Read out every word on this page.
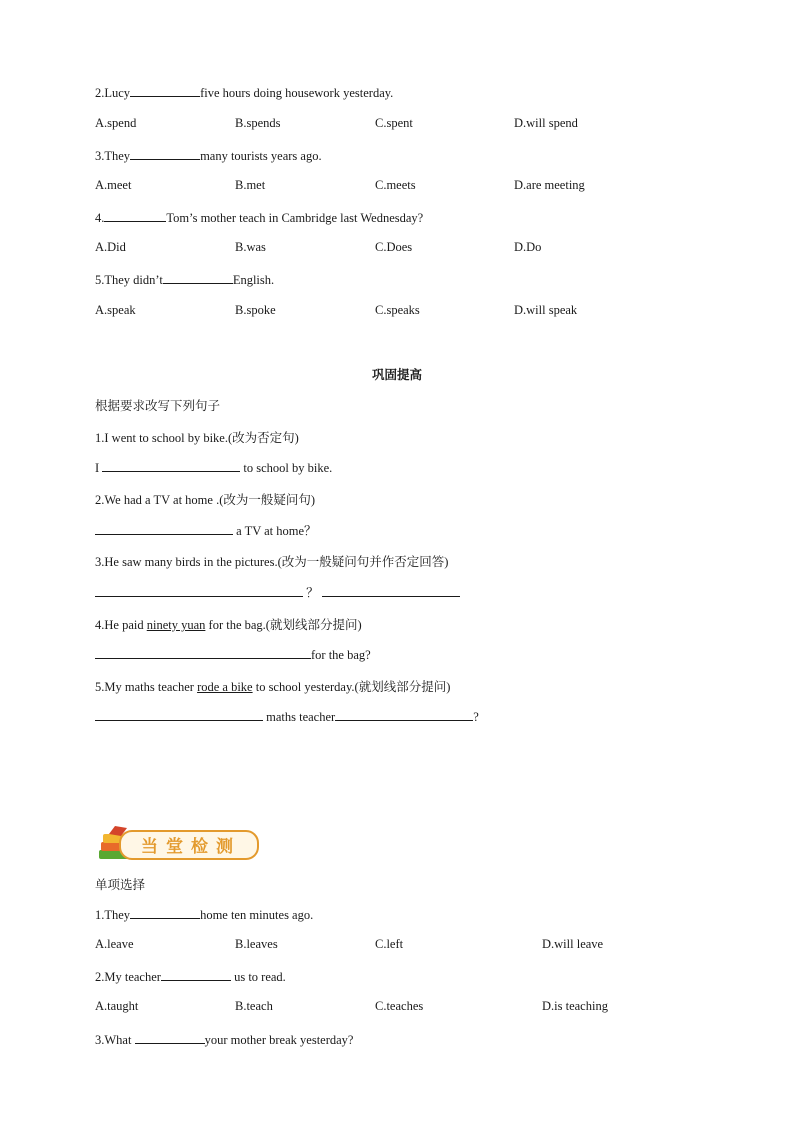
2.Lucy	five hours doing housework yesterday.
A.spend	B.spends	C.spent	D.will spend
3.They	many tourists years ago.
A.meet	B.met	C.meets	D.are meeting
4.	Tom’s mother teach in Cambridge last Wednesday?
A.Did	B.was	C.Does	D.Do
5.They didn’t	English.
A.speak	B.spoke	C.speaks	D.will speak
巩固提高
根据要求改写下列句子
1.I went to school by bike.(改为否定句)
I	to school by bike.
2.We had a TV at home .(改为一般疑问句)
a TV at home？
3.He saw many birds in the pictures.(改为一般疑问句并作否定回答)
？
4.He paid ninety yuan for the bag.(就划线部分提问)
for the bag?
5.My maths teacher rode a bike to school yesterday.(就划线部分提问)
maths teacher	?
当堂检测
单项选择
1.They	home ten minutes ago.
A.leave	B.leaves	C.left	D.will leave
2.My teacher	us to read.
A.taught	B.teach	C.teaches	D.is teaching
3.What	your mother break yesterday?
